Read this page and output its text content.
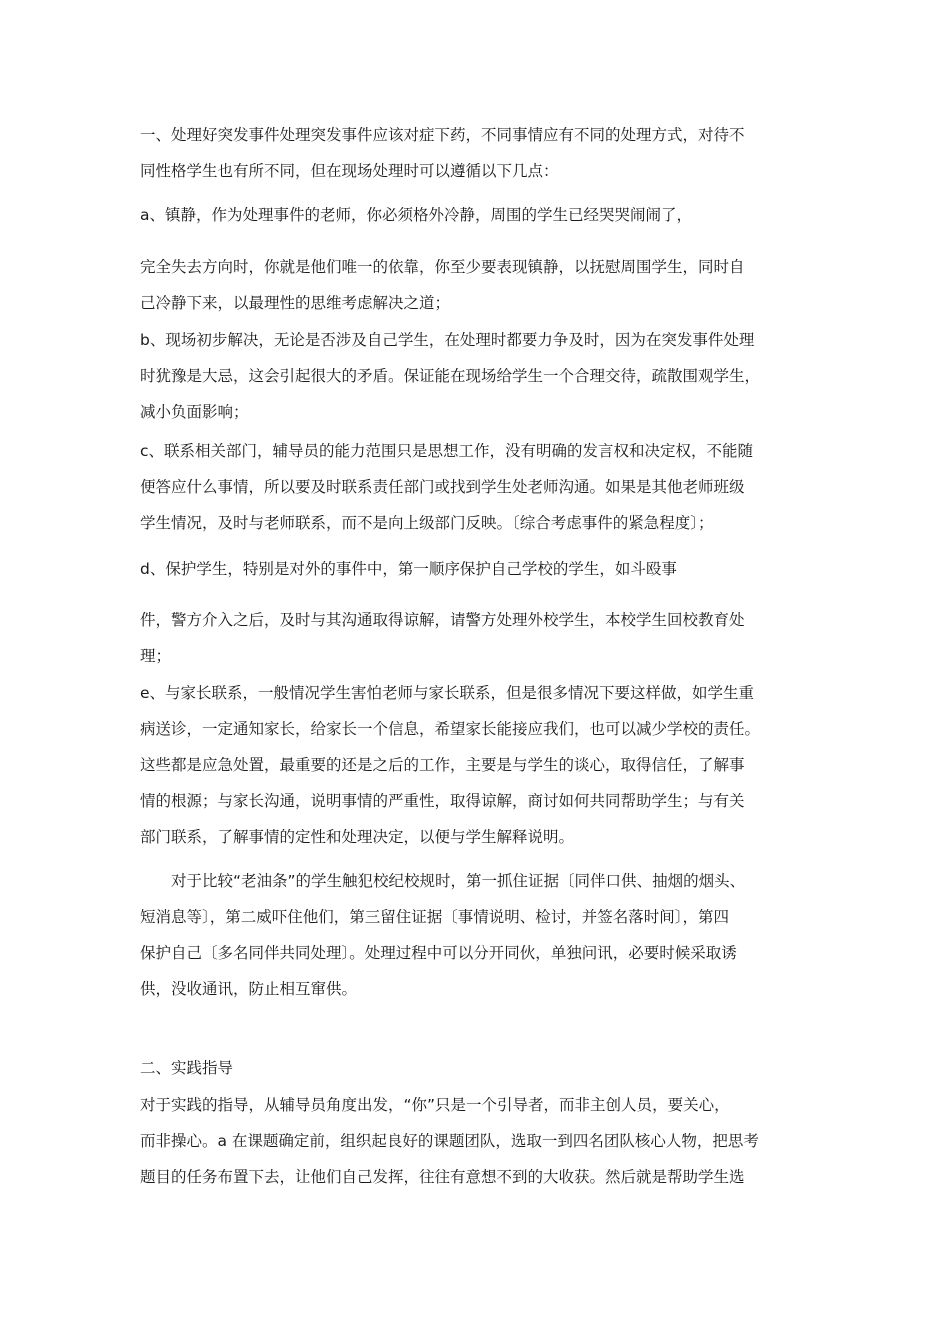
一、处理好突发事件处理突发事件应该对症下药，不同事情应有不同的处理方式，对待不
同性格学生也有所不同，但在现场处理时可以遵循以下几点：
a、镇静，作为处理事件的老师，你必须格外冷静，周围的学生已经哭哭闹闹了，
完全失去方向时，你就是他们唯一的依靠，你至少要表现镇静，以抚慰周围学生，同时自
己冷静下来，以最理性的思维考虑解决之道；
b、现场初步解决，无论是否涉及自己学生，在处理时都要力争及时，因为在突发事件处理
时犹豫是大忌，这会引起很大的矛盾。保证能在现场给学生一个合理交待，疏散围观学生，
减小负面影响；
c、联系相关部门，辅导员的能力范围只是思想工作，没有明确的发言权和决定权，不能随
便答应什么事情，所以要及时联系责任部门或找到学生处老师沟通。如果是其他老师班级
学生情况，及时与老师联系，而不是向上级部门反映。〔综合考虑事件的紧急程度〕；
d、保护学生，特别是对外的事件中，第一顺序保护自己学校的学生，如斗殴事
件，警方介入之后，及时与其沟通取得谅解，请警方处理外校学生，本校学生回校教育处
理；
e、与家长联系，一般情况学生害怕老师与家长联系，但是很多情况下要这样做，如学生重
病送诊，一定通知家长，给家长一个信息，希望家长能接应我们，也可以减少学校的责任。
这些都是应急处置，最重要的还是之后的工作，主要是与学生的谈心，取得信任，了解事
情的根源；与家长沟通，说明事情的严重性，取得谅解，商讨如何共同帮助学生；与有关
部门联系，了解事情的定性和处理决定，以便与学生解释说明。
　　对于比较“老油条”的学生触犯校纪校规时，第一抓住证据〔同伴口供、抽烟的烟头、
短消息等〕，第二威吓住他们，第三留住证据〔事情说明、检讨，并签名落时间〕，第四
保护自己〔多名同伴共同处理〕。处理过程中可以分开同伙，单独问讯，必要时候采取诱
供，没收通讯，防止相互窜供。
二、实践指导
对于实践的指导，从辅导员角度出发，“你”只是一个引导者，而非主创人员，要关心，
而非操心。a 在课题确定前，组织起良好的课题团队，选取一到四名团队核心人物，把思考
题目的任务布置下去，让他们自己发挥，往往有意想不到的大收获。然后就是帮助学生选
